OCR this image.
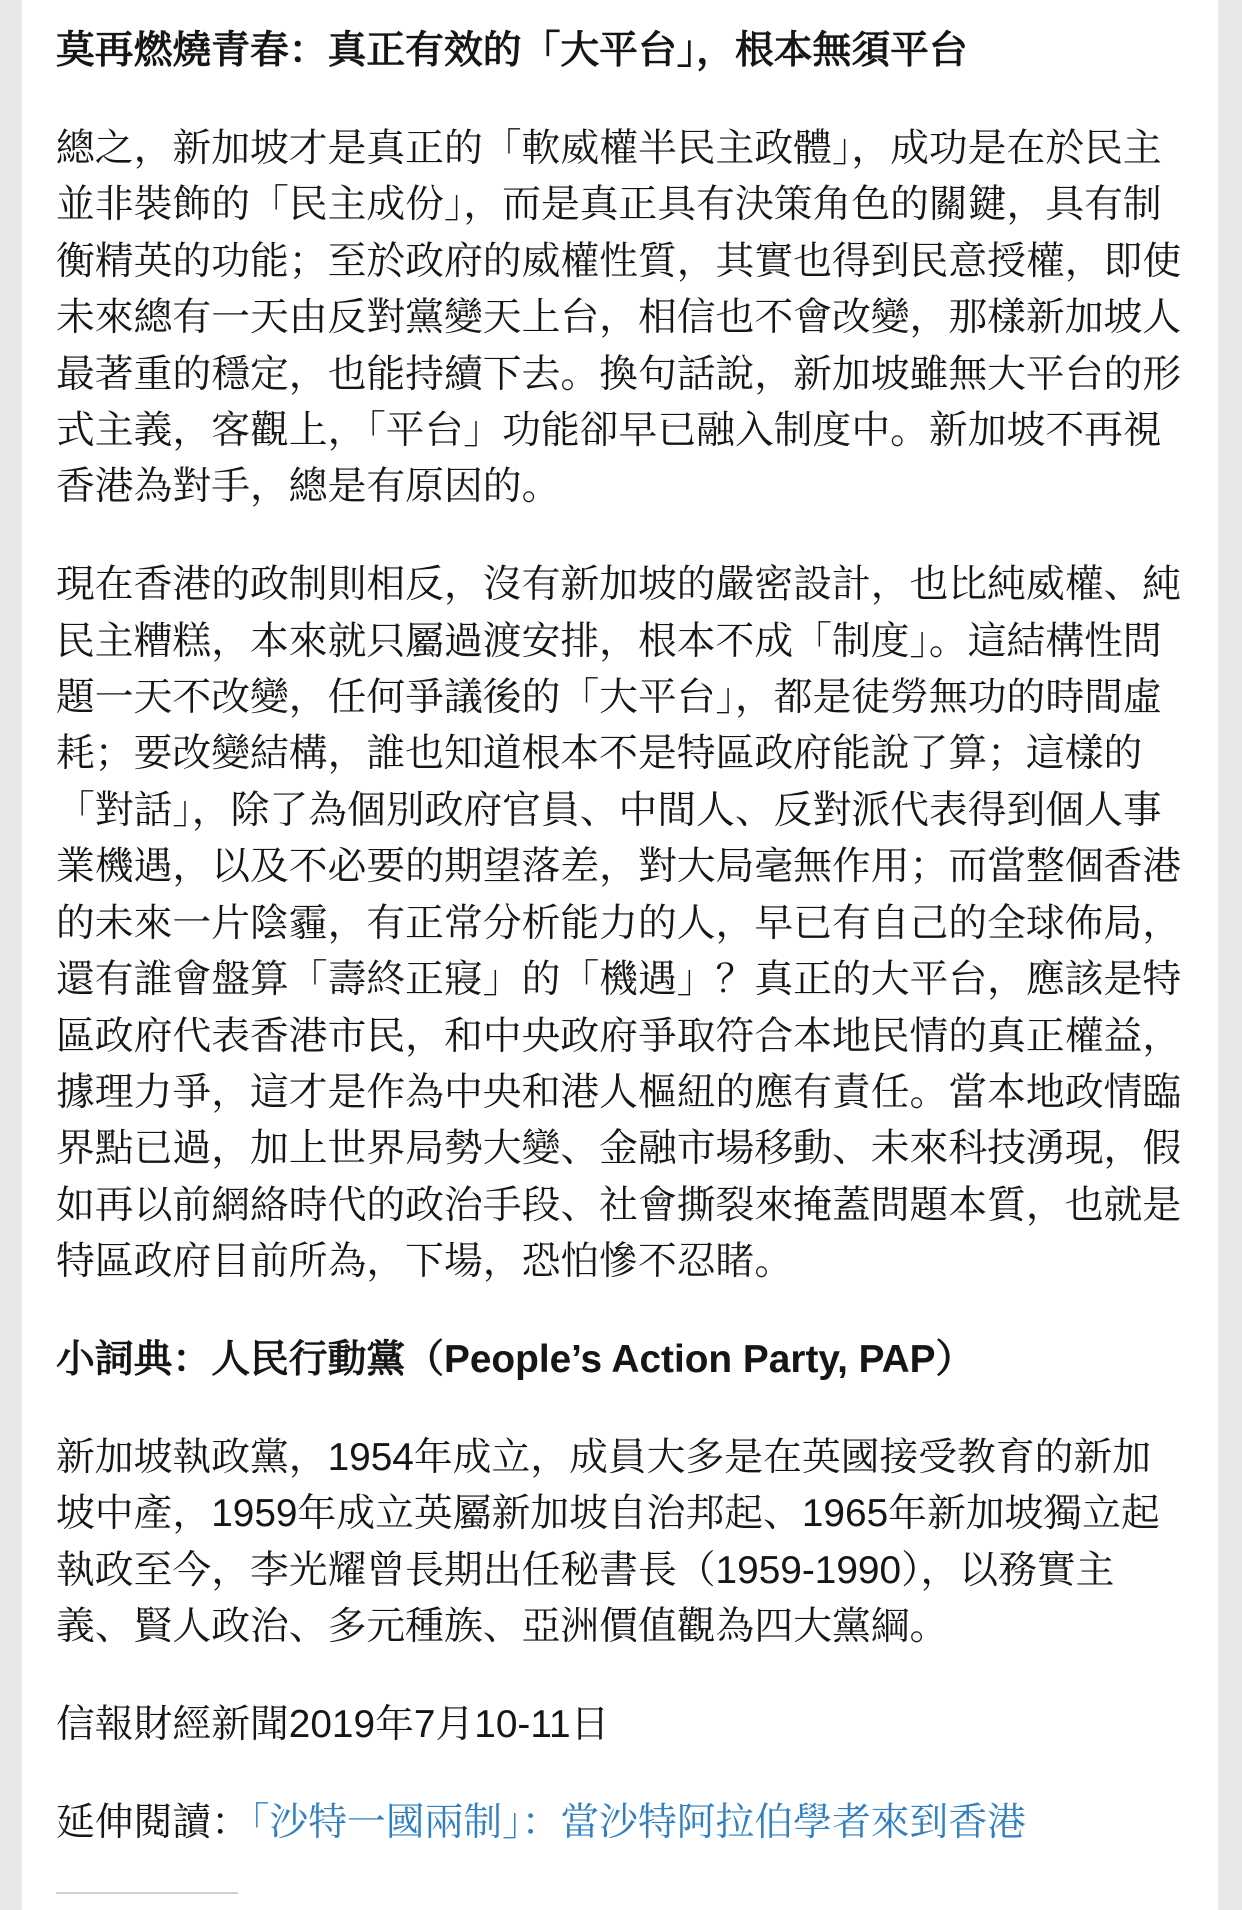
莫再燃燒青春：真正有效的「大平台」，根本無須平台

總之，新加坡才是真正的「軟威權半民主政體」，成功是在於民主並非裝飾的「民主成份」，而是真正具有決策角色的關鍵，具有制衡精英的功能；至於政府的威權性質，其實也得到民意授權，即使未來總有一天由反對黨變天上台，相信也不會改變，那樣新加坡人最著重的穩定，也能持續下去。換句話說，新加坡雖無大平台的形式主義，客觀上，「平台」功能卻早已融入制度中。新加坡不再視香港為對手，總是有原因的。

現在香港的政制則相反，沒有新加坡的嚴密設計，也比純威權、純民主糟糕，本來就只屬過渡安排，根本不成「制度」。這結構性問題一天不改變，任何爭議後的「大平台」，都是徒勞無功的時間虛耗；要改變結構，誰也知道根本不是特區政府能說了算；這樣的「對話」，除了為個別政府官員、中間人、反對派代表得到個人事業機遇，以及不必要的期望落差，對大局毫無作用；而當整個香港的未來一片陰霾，有正常分析能力的人，早已有自己的全球佈局，還有誰會盤算「壽終正寢」的「機遇」？真正的大平台，應該是特區政府代表香港市民，和中央政府爭取符合本地民情的真正權益，據理力爭，這才是作為中央和港人樞紐的應有責任。當本地政情臨界點已過，加上世界局勢大變、金融市場移動、未來科技湧現，假如再以前網絡時代的政治手段、社會撕裂來掩蓋問題本質，也就是特區政府目前所為，下場，恐怕慘不忍睹。

小詞典：人民行動黨（People’s Action Party, PAP）

新加坡執政黨，1954年成立，成員大多是在英國接受教育的新加坡中產，1959年成立英屬新加坡自治邦起、1965年新加坡獨立起執政至今，李光耀曾長期出任秘書長（1959-1990），以務實主義、賢人政治、多元種族、亞洲價值觀為四大黨綱。

信報財經新聞2019年7月10-11日

延伸閱讀：「沙特一國兩制」：當沙特阿拉伯學者來到香港
